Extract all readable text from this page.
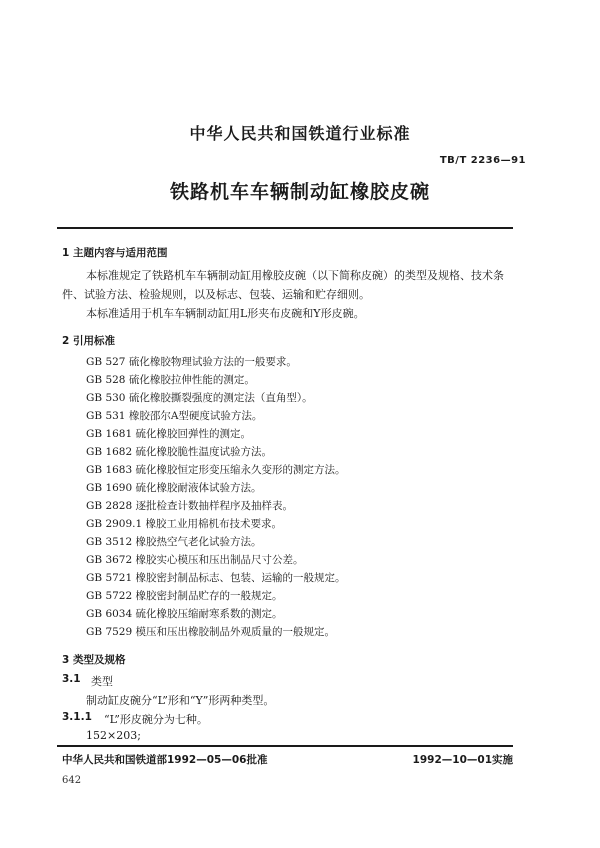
中华人民共和国铁道行业标准
TB/T 2236—91
铁路机车车辆制动缸橡胶皮碗
1 主题内容与适用范围
本标准规定了铁路机车车辆制动缸用橡胶皮碗（以下简称皮碗）的类型及规格、技术条
件、试验方法、检验规则，以及标志、包装、运输和贮存细则。
本标准适用于机车车辆制动缸用L形夹布皮碗和Y形皮碗。
2 引用标准
GB 527 硫化橡胶物理试验方法的一般要求。
GB 528 硫化橡胶拉伸性能的测定。
GB 530 硫化橡胶撕裂强度的测定法（直角型）。
GB 531 橡胶邵尔A型硬度试验方法。
GB 1681 硫化橡胶回弹性的测定。
GB 1682 硫化橡胶脆性温度试验方法。
GB 1683 硫化橡胶恒定形变压缩永久变形的测定方法。
GB 1690 硫化橡胶耐液体试验方法。
GB 2828 逐批检查计数抽样程序及抽样表。
GB 2909.1 橡胶工业用棉机布技术要求。
GB 3512 橡胶热空气老化试验方法。
GB 3672 橡胶实心模压和压出制品尺寸公差。
GB 5721 橡胶密封制品标志、包装、运输的一般规定。
GB 5722 橡胶密封制品贮存的一般规定。
GB 6034 硫化橡胶压缩耐寒系数的测定。
GB 7529 模压和压出橡胶制品外观质量的一般规定。
3 类型及规格
3.1 类型
制动缸皮碗分“L”形和“Y”形两种类型。
3.1.1 “L”形皮碗分为七种。
152×203;
中华人民共和国铁道部1992—05—06批准	1992—10—01实施
642
